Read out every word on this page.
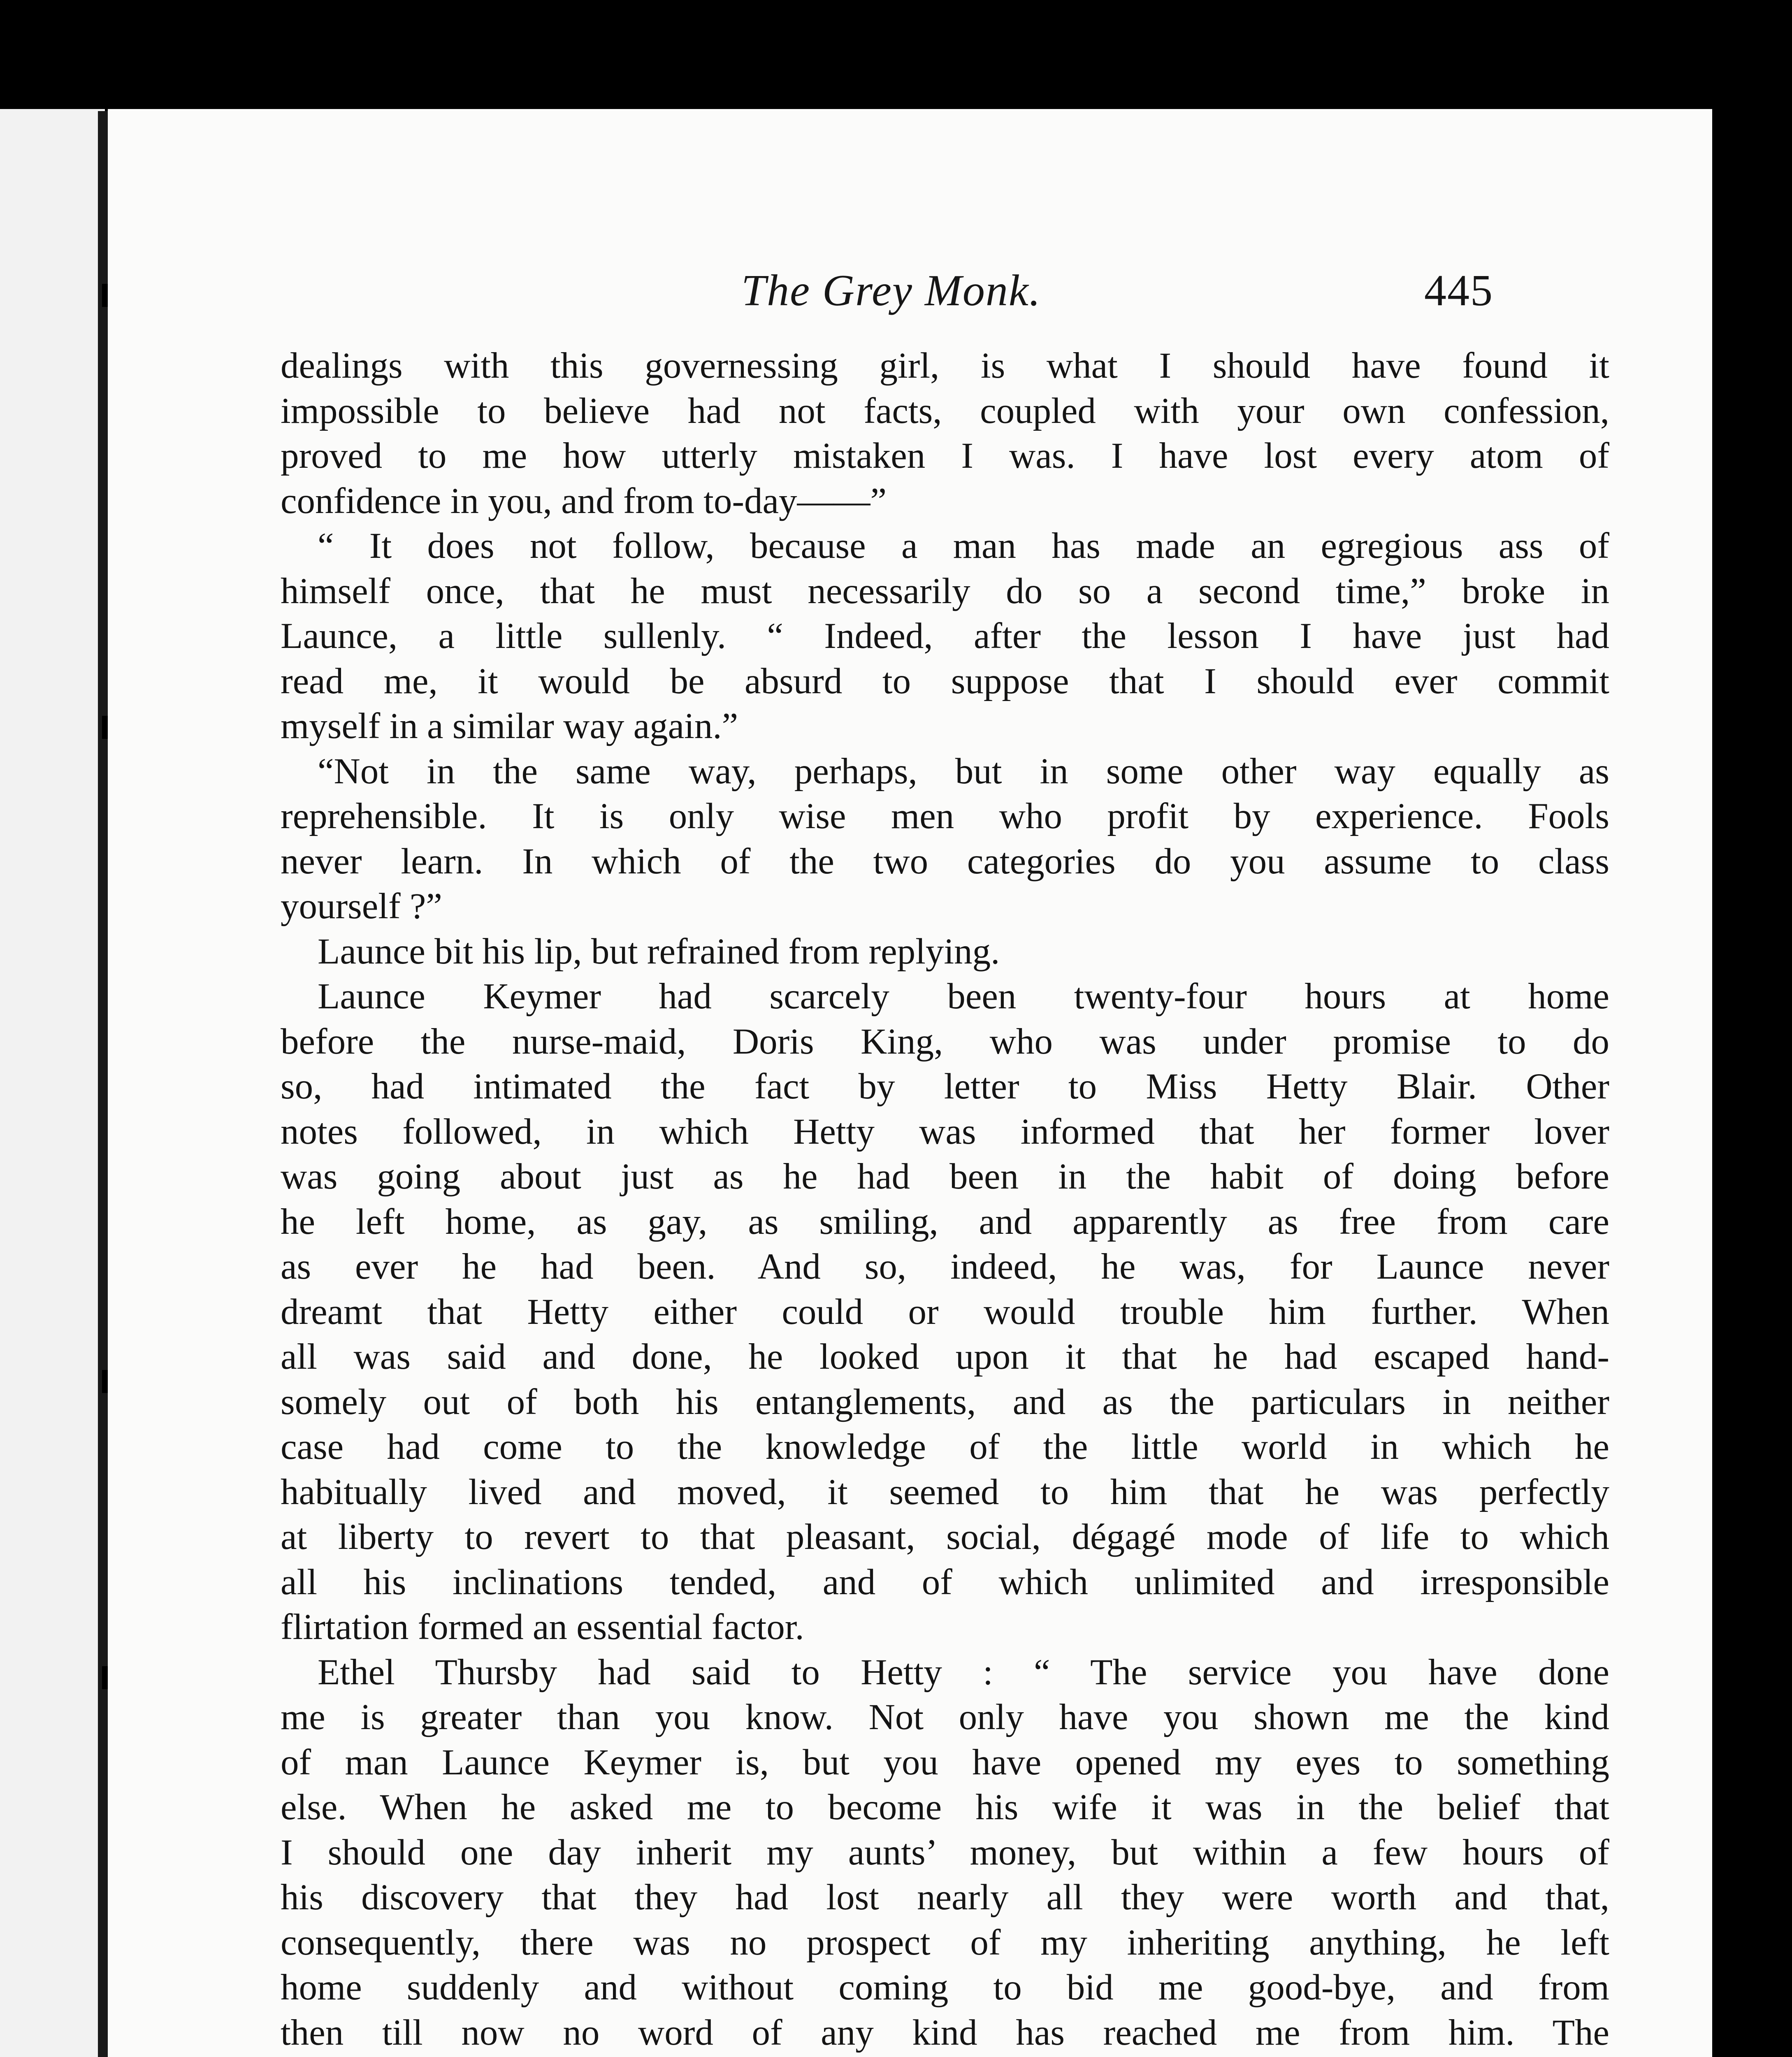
The Grey Monk.	445
dealings with this governessing girl, is what I should have found it
impossible to believe had not facts, coupled with your own confession,
proved to me how utterly mistaken I was. I have lost every atom of
confidence in you, and from to-day——”
“ It does not follow, because a man has made an egregious ass of
himself once, that he must necessarily do so a second time,” broke in
Launce, a little sullenly. “ Indeed, after the lesson I have just had
read me, it would be absurd to suppose that I should ever commit
myself in a similar way again.”
“Not in the same way, perhaps, but in some other way equally as
reprehensible. It is only wise men who profit by experience. Fools
never learn. In which of the two categories do you assume to class
yourself ?”
Launce bit his lip, but refrained from replying.
Launce Keymer had scarcely been twenty-four hours at home
before the nurse-maid, Doris King, who was under promise to do
so, had intimated the fact by letter to Miss Hetty Blair. Other
notes followed, in which Hetty was informed that her former lover
was going about just as he had been in the habit of doing before
he left home, as gay, as smiling, and apparently as free from care
as ever he had been. And so, indeed, he was, for Launce never
dreamt that Hetty either could or would trouble him further. When
all was said and done, he looked upon it that he had escaped hand-
somely out of both his entanglements, and as the particulars in neither
case had come to the knowledge of the little world in which he
habitually lived and moved, it seemed to him that he was perfectly
at liberty to revert to that pleasant, social, dégagé mode of life to which
all his inclinations tended, and of which unlimited and irresponsible
flirtation formed an essential factor.
Ethel Thursby had said to Hetty : “ The service you have done
me is greater than you know. Not only have you shown me the kind
of man Launce Keymer is, but you have opened my eyes to something
else. When he asked me to become his wife it was in the belief that
I should one day inherit my aunts’ money, but within a few hours of
his discovery that they had lost nearly all they were worth and that,
consequently, there was no prospect of my inheriting anything, he left
home suddenly and without coming to bid me good-bye, and from
then till now no word of any kind has reached me from him. The
